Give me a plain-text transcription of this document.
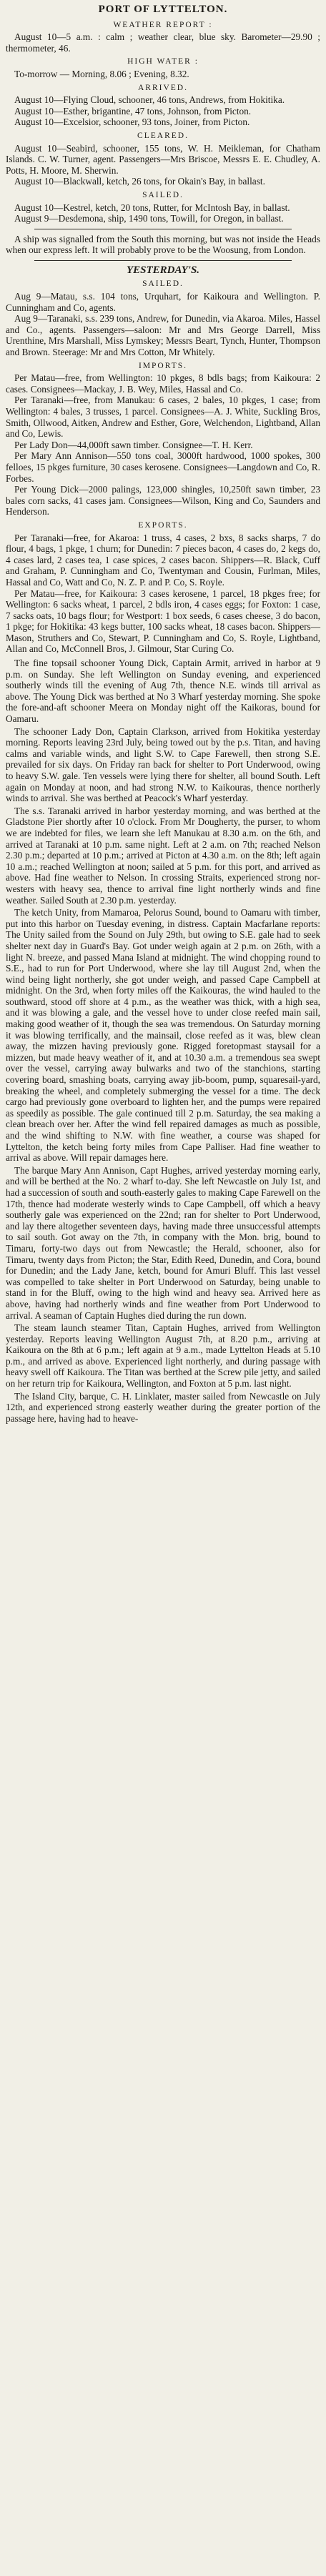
PORT OF LYTTELTON.
WEATHER REPORT :

August 10—5 a.m. : calm ; weather clear, blue sky. Barometer—29.90 ; thermometer, 46.

HIGH WATER :

To-morrow — Morning, 8.06 ; Evening, 8.32.

ARRIVED.

August 10—Flying Cloud, schooner, 46 tons, Andrews, from Hokitika.

August 10—Esther, brigantine, 47 tons, Johnson, from Picton.

August 10—Excelsior, schooner, 93 tons, Joiner, from Picton.

CLEARED.

August 10—Seabird, schooner, 155 tons, W. H. Meikleman, for Chatham Islands. C. W. Turner, agent. Passengers—Mrs Briscoe, Messrs E. E. Chudley, A. Potts, H. Moore, M. Sherwin.

August 10—Blackwall, ketch, 26 tons, for Okain's Bay, in ballast.

SAILED.

August 10—Kestrel, ketch, 20 tons, Rutter, for McIntosh Bay, in ballast.

August 9—Desdemona, ship, 1490 tons, Towill, for Oregon, in ballast.

A ship was signalled from the South this morning, but was not inside the Heads when our express left. It will probably prove to be the Woosung, from London.

YESTERDAY'S.
SAILED.

Aug 9—Matau, s.s. 104 tons, Urquhart, for Kaikoura and Wellington. P. Cunningham and Co, agents.

Aug 9—Taranaki, s.s. 239 tons, Andrew, for Dunedin, via Akaroa. Miles, Hassel and Co., agents. Passengers—saloon: Mr and Mrs George Darrell, Miss Urenthine, Mrs Marshall, Miss Lymskey; Messrs Beart, Tynch, Hunter, Thompson and Brown. Steerage: Mr and Mrs Cotton, Mr Whitely.

IMPORTS.

Per Matau—free, from Wellington: 10 pkges, 8 bdls bags; from Kaikoura: 2 cases. Consignees—Mackay, J. B. Wey, Miles, Hassal and Co.

Per Taranaki—free, from Manukau: 6 cases, 2 bales, 10 pkges, 1 case; from Wellington: 4 bales, 3 trusses, 1 parcel. Consignees—A. J. White, Suckling Bros, Smith, Ollwood, Aitken, Andrew and Esther, Gore, Welchendon, Lightband, Allan and Co, Lewis.

Per Lady Don—44,000ft sawn timber. Consignee—T. H. Kerr.

Per Mary Ann Annison—550 tons coal, 3000ft hardwood, 1000 spokes, 300 felloes, 15 pkges furniture, 30 cases kerosene. Consignees—Langdown and Co, R. Forbes.

Per Young Dick—2000 palings, 123,000 shingles, 10,250ft sawn timber, 23 bales corn sacks, 41 cases jam. Consignees—Wilson, King and Co, Saunders and Henderson.

EXPORTS.

Per Taranaki—free, for Akaroa: 1 truss, 4 cases, 2 bxs, 8 sacks sharps, 7 do flour, 4 bags, 1 pkge, 1 churn; for Dunedin: 7 pieces bacon, 4 cases do, 2 kegs do, 4 cases lard, 2 cases tea, 1 case spices, 2 cases bacon. Shippers—R. Black, Cuff and Graham, P. Cunningham and Co, Twentyman and Cousin, Furlman, Miles, Hassal and Co, Watt and Co, N. Z. P. and P. Co, S. Royle.

Per Matau—free, for Kaikoura: 3 cases kerosene, 1 parcel, 18 pkges free; for Wellington: 6 sacks wheat, 1 parcel, 2 bdls iron, 4 cases eggs; for Foxton: 1 case, 7 sacks oats, 10 bags flour; for Westport: 1 box seeds, 6 cases cheese, 3 do bacon, 1 pkge; for Hokitika: 43 kegs butter, 100 sacks wheat, 18 cases bacon. Shippers—Mason, Struthers and Co, Stewart, P. Cunningham and Co, S. Royle, Lightband, Allan and Co, McConnell Bros, J. Gilmour, Star Curing Co.

The fine topsail schooner Young Dick, Captain Armit, arrived in harbor at 9 p.m. on Sunday. She left Wellington on Sunday evening, and experienced southerly winds till the evening of Aug 7th, thence N.E. winds till arrival as above. The Young Dick was berthed at No 3 Wharf yesterday morning. She spoke the fore-and-aft schooner Meera on Monday night off the Kaikoras, bound for Oamaru.

The schooner Lady Don, Captain Clarkson, arrived from Hokitika yesterday morning. Reports leaving 23rd July, being towed out by the p.s. Titan, and having calms and variable winds, and light S.W. to Cape Farewell, then strong S.E. prevailed for six days. On Friday ran back for shelter to Port Underwood, owing to heavy S.W. gale. Ten vessels were lying there for shelter, all bound South. Left again on Monday at noon, and had strong N.W. to Kaikouras, thence northerly winds to arrival. She was berthed at Peacock's Wharf yesterday.

The s.s. Taranaki arrived in harbor yesterday morning, and was berthed at the Gladstone Pier shortly after 10 o'clock. From Mr Dougherty, the purser, to whom we are indebted for files, we learn she left Manukau at 8.30 a.m. on the 6th, and arrived at Taranaki at 10 p.m. same night. Left at 2 a.m. on 7th; reached Nelson 2.30 p.m.; departed at 10 p.m.; arrived at Picton at 4.30 a.m. on the 8th; left again 10 a.m.; reached Wellington at noon; sailed at 5 p.m. for this port, and arrived as above. Had fine weather to Nelson. In crossing Straits, experienced strong nor-westers with heavy sea, thence to arrival fine light northerly winds and fine weather. Sailed South at 2.30 p.m. yesterday.

The ketch Unity, from Mamaroa, Pelorus Sound, bound to Oamaru with timber, put into this harbor on Tuesday evening, in distress. Captain Macfarlane reports: The Unity sailed from the Sound on July 29th, but owing to S.E. gale had to seek shelter next day in Guard's Bay. Got under weigh again at 2 p.m. on 26th, with a light N. breeze, and passed Mana Island at midnight. The wind chopping round to S.E., had to run for Port Underwood, where she lay till August 2nd, when the wind being light northerly, she got under weigh, and passed Cape Campbell at midnight. On the 3rd, when forty miles off the Kaikouras, the wind hauled to the southward, stood off shore at 4 p.m., as the weather was thick, with a high sea, and it was blowing a gale, and the vessel hove to under close reefed main sail, making good weather of it, though the sea was tremendous. On Saturday morning it was blowing terrifically, and the mainsail, close reefed as it was, blew clean away, the mizzen having previously gone. Rigged foretopmast staysail for a mizzen, but made heavy weather of it, and at 10.30 a.m. a tremendous sea swept over the vessel, carrying away bulwarks and two of the stanchions, starting covering board, smashing boats, carrying away jib-boom, pump, squaresail-yard, breaking the wheel, and completely submerging the vessel for a time. The deck cargo had previously gone overboard to lighten her, and the pumps were repaired as speedily as possible. The gale continued till 2 p.m. Saturday, the sea making a clean breach over her. After the wind fell repaired damages as much as possible, and the wind shifting to N.W. with fine weather, a course was shaped for Lyttelton, the ketch being forty miles from Cape Palliser. Had fine weather to arrival as above. Will repair damages here.

The barque Mary Ann Annison, Capt Hughes, arrived yesterday morning early, and will be berthed at the No. 2 wharf to-day. She left Newcastle on July 1st, and had a succession of south and south-easterly gales to making Cape Farewell on the 17th, thence had moderate westerly winds to Cape Campbell, off which a heavy southerly gale was experienced on the 22nd; ran for shelter to Port Underwood, and lay there altogether seventeen days, having made three unsuccessful attempts to sail south. Got away on the 7th, in company with the Mon. brig, bound to Timaru, forty-two days out from Newcastle; the Herald, schooner, also for Timaru, twenty days from Picton; the Star, Edith Reed, Dunedin, and Cora, bound for Dunedin; and the Lady Jane, ketch, bound for Amuri Bluff. This last vessel was compelled to take shelter in Port Underwood on Saturday, being unable to stand in for the Bluff, owing to the high wind and heavy sea. Arrived here as above, having had northerly winds and fine weather from Port Underwood to arrival. A seaman of Captain Hughes died during the run down.

The steam launch steamer Titan, Captain Hughes, arrived from Wellington yesterday. Reports leaving Wellington August 7th, at 8.20 p.m., arriving at Kaikoura on the 8th at 6 p.m.; left again at 9 a.m., made Lyttelton Heads at 5.10 p.m., and arrived as above. Experienced light northerly, and during passage with heavy swell off Kaikoura. The Titan was berthed at the Screw pile jetty, and sailed on her return trip for Kaikoura, Wellington, and Foxton at 5 p.m. last night.

The Island City, barque, C. H. Linklater, master sailed from Newcastle on July 12th, and experienced strong easterly weather during the greater portion of the passage here, having had to heave-
